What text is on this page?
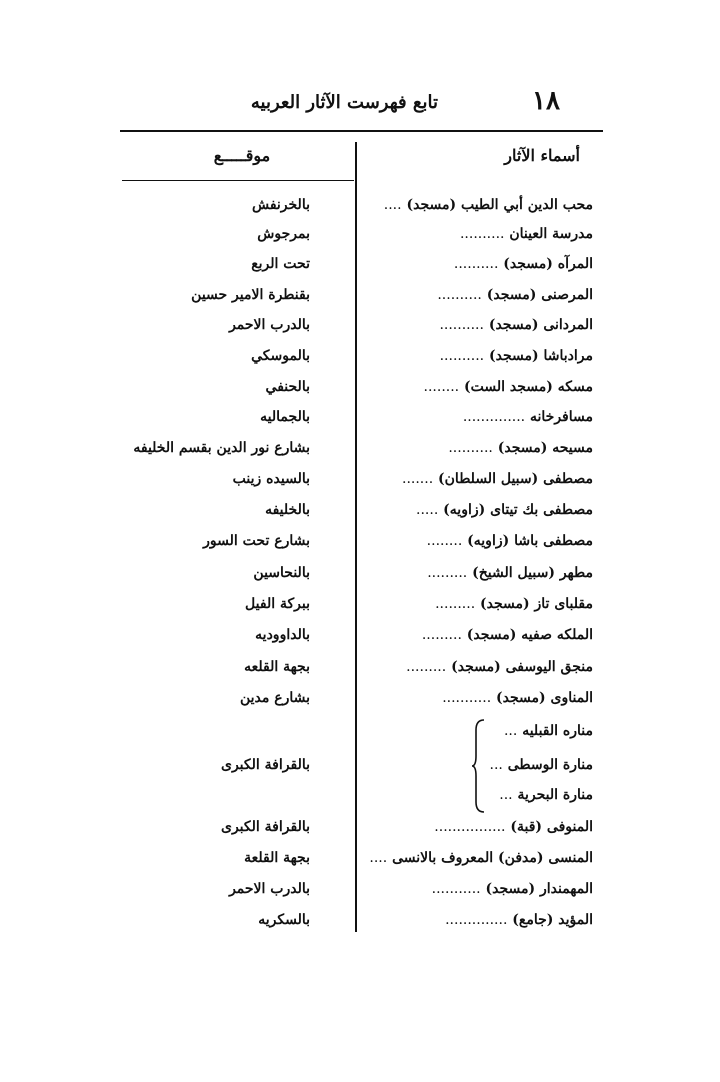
١٨
تابع فهرست الآثار العربيه
أسماء الآثار
موقـــــع
محب الدين أبي الطيب (مسجد) ....
بالخرنفش
مدرسة العينان ..........
بمرجوش
المرآه (مسجد) ..........
تحت الربع
المرصنى (مسجد) ..........
بقنطرة الامير حسين
المردانى (مسجد) ..........
بالدرب الاحمر
مرادباشا (مسجد) ..........
بالموسكي
مسكه (مسجد الست) ........
بالحنفي
مسافرخانه ..............
بالجماليه
مسيحه (مسجد) ..........
بشارع نور الدين بقسم الخليفه
مصطفى (سبيل السلطان) .......
بالسيده زينب
مصطفى بك تيتاى (زاويه) .....
بالخليفه
مصطفى باشا (زاويه) ........
بشارع تحت السور
مطهر (سبيل الشيخ) .........
بالنحاسين
مقلباى تاز (مسجد) .........
ببركة الفيل
الملكه صفيه (مسجد) .........
بالداووديه
منجق اليوسفى (مسجد) .........
بجهة القلعه
المناوى (مسجد) ...........
بشارع مدين
مناره القبليه ...
منارة الوسطى ...
بالقرافة الكبرى
منارة البحرية ...
المنوفى (قبة) ................
بالقرافة الكبرى
المنسى (مدفن) المعروف بالانسى ....
بجهة القلعة
المهمندار (مسجد) ...........
بالدرب الاحمر
المؤيد (جامع) ..............
بالسكريه
